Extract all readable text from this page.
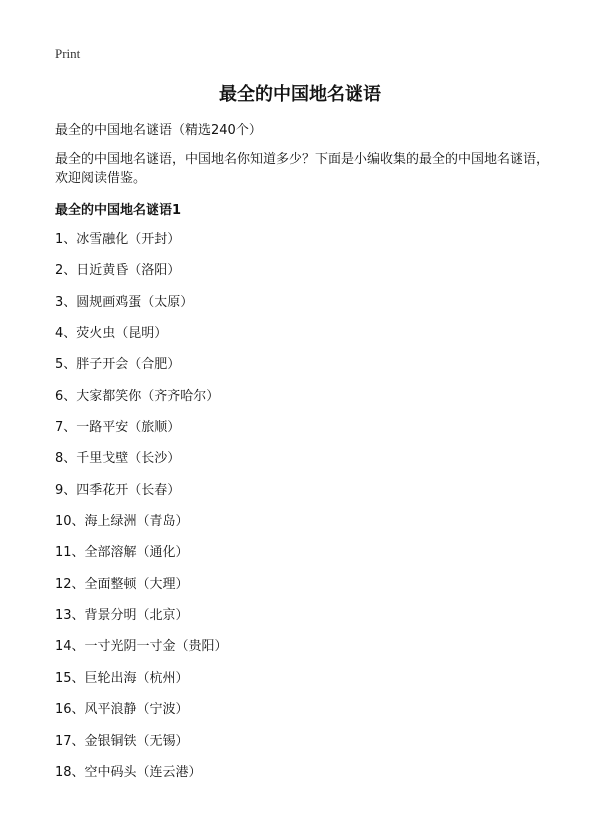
Print
最全的中国地名谜语
最全的中国地名谜语（精选240个）
最全的中国地名谜语，中国地名你知道多少？下面是小编收集的最全的中国地名谜语，欢迎阅读借鉴。
最全的中国地名谜语1
1、冰雪融化（开封）
2、日近黄昏（洛阳）
3、圆规画鸡蛋（太原）
4、荧火虫（昆明）
5、胖子开会（合肥）
6、大家都笑你（齐齐哈尔）
7、一路平安（旅顺）
8、千里戈壁（长沙）
9、四季花开（长春）
10、海上绿洲（青岛）
11、全部溶解（通化）
12、全面整顿（大理）
13、背景分明（北京）
14、一寸光阴一寸金（贵阳）
15、巨轮出海（杭州）
16、风平浪静（宁波）
17、金银铜铁（无锡）
18、空中码头（连云港）
